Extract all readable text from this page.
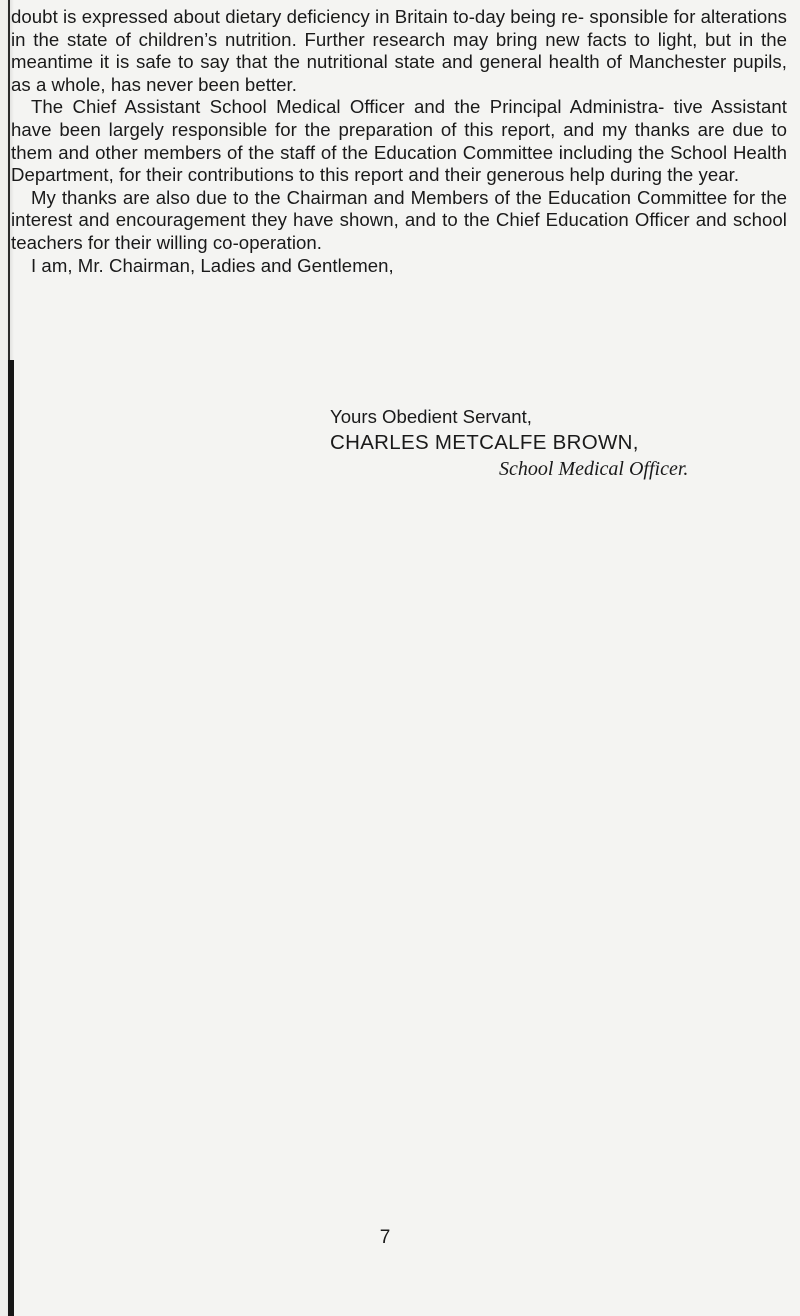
doubt is expressed about dietary deficiency in Britain to-day being re- sponsible for alterations in the state of children’s nutrition. Further research may bring new facts to light, but in the meantime it is safe to say that the nutritional state and general health of Manchester pupils, as a whole, has never been better.

The Chief Assistant School Medical Officer and the Principal Administra- tive Assistant have been largely responsible for the preparation of this report, and my thanks are due to them and other members of the staff of the Education Committee including the School Health Department, for their contributions to this report and their generous help during the year.

My thanks are also due to the Chairman and Members of the Education Committee for the interest and encouragement they have shown, and to the Chief Education Officer and school teachers for their willing co-operation.

I am, Mr. Chairman, Ladies and Gentlemen,

Yours Obedient Servant,
CHARLES METCALFE BROWN,
School Medical Officer.
7
